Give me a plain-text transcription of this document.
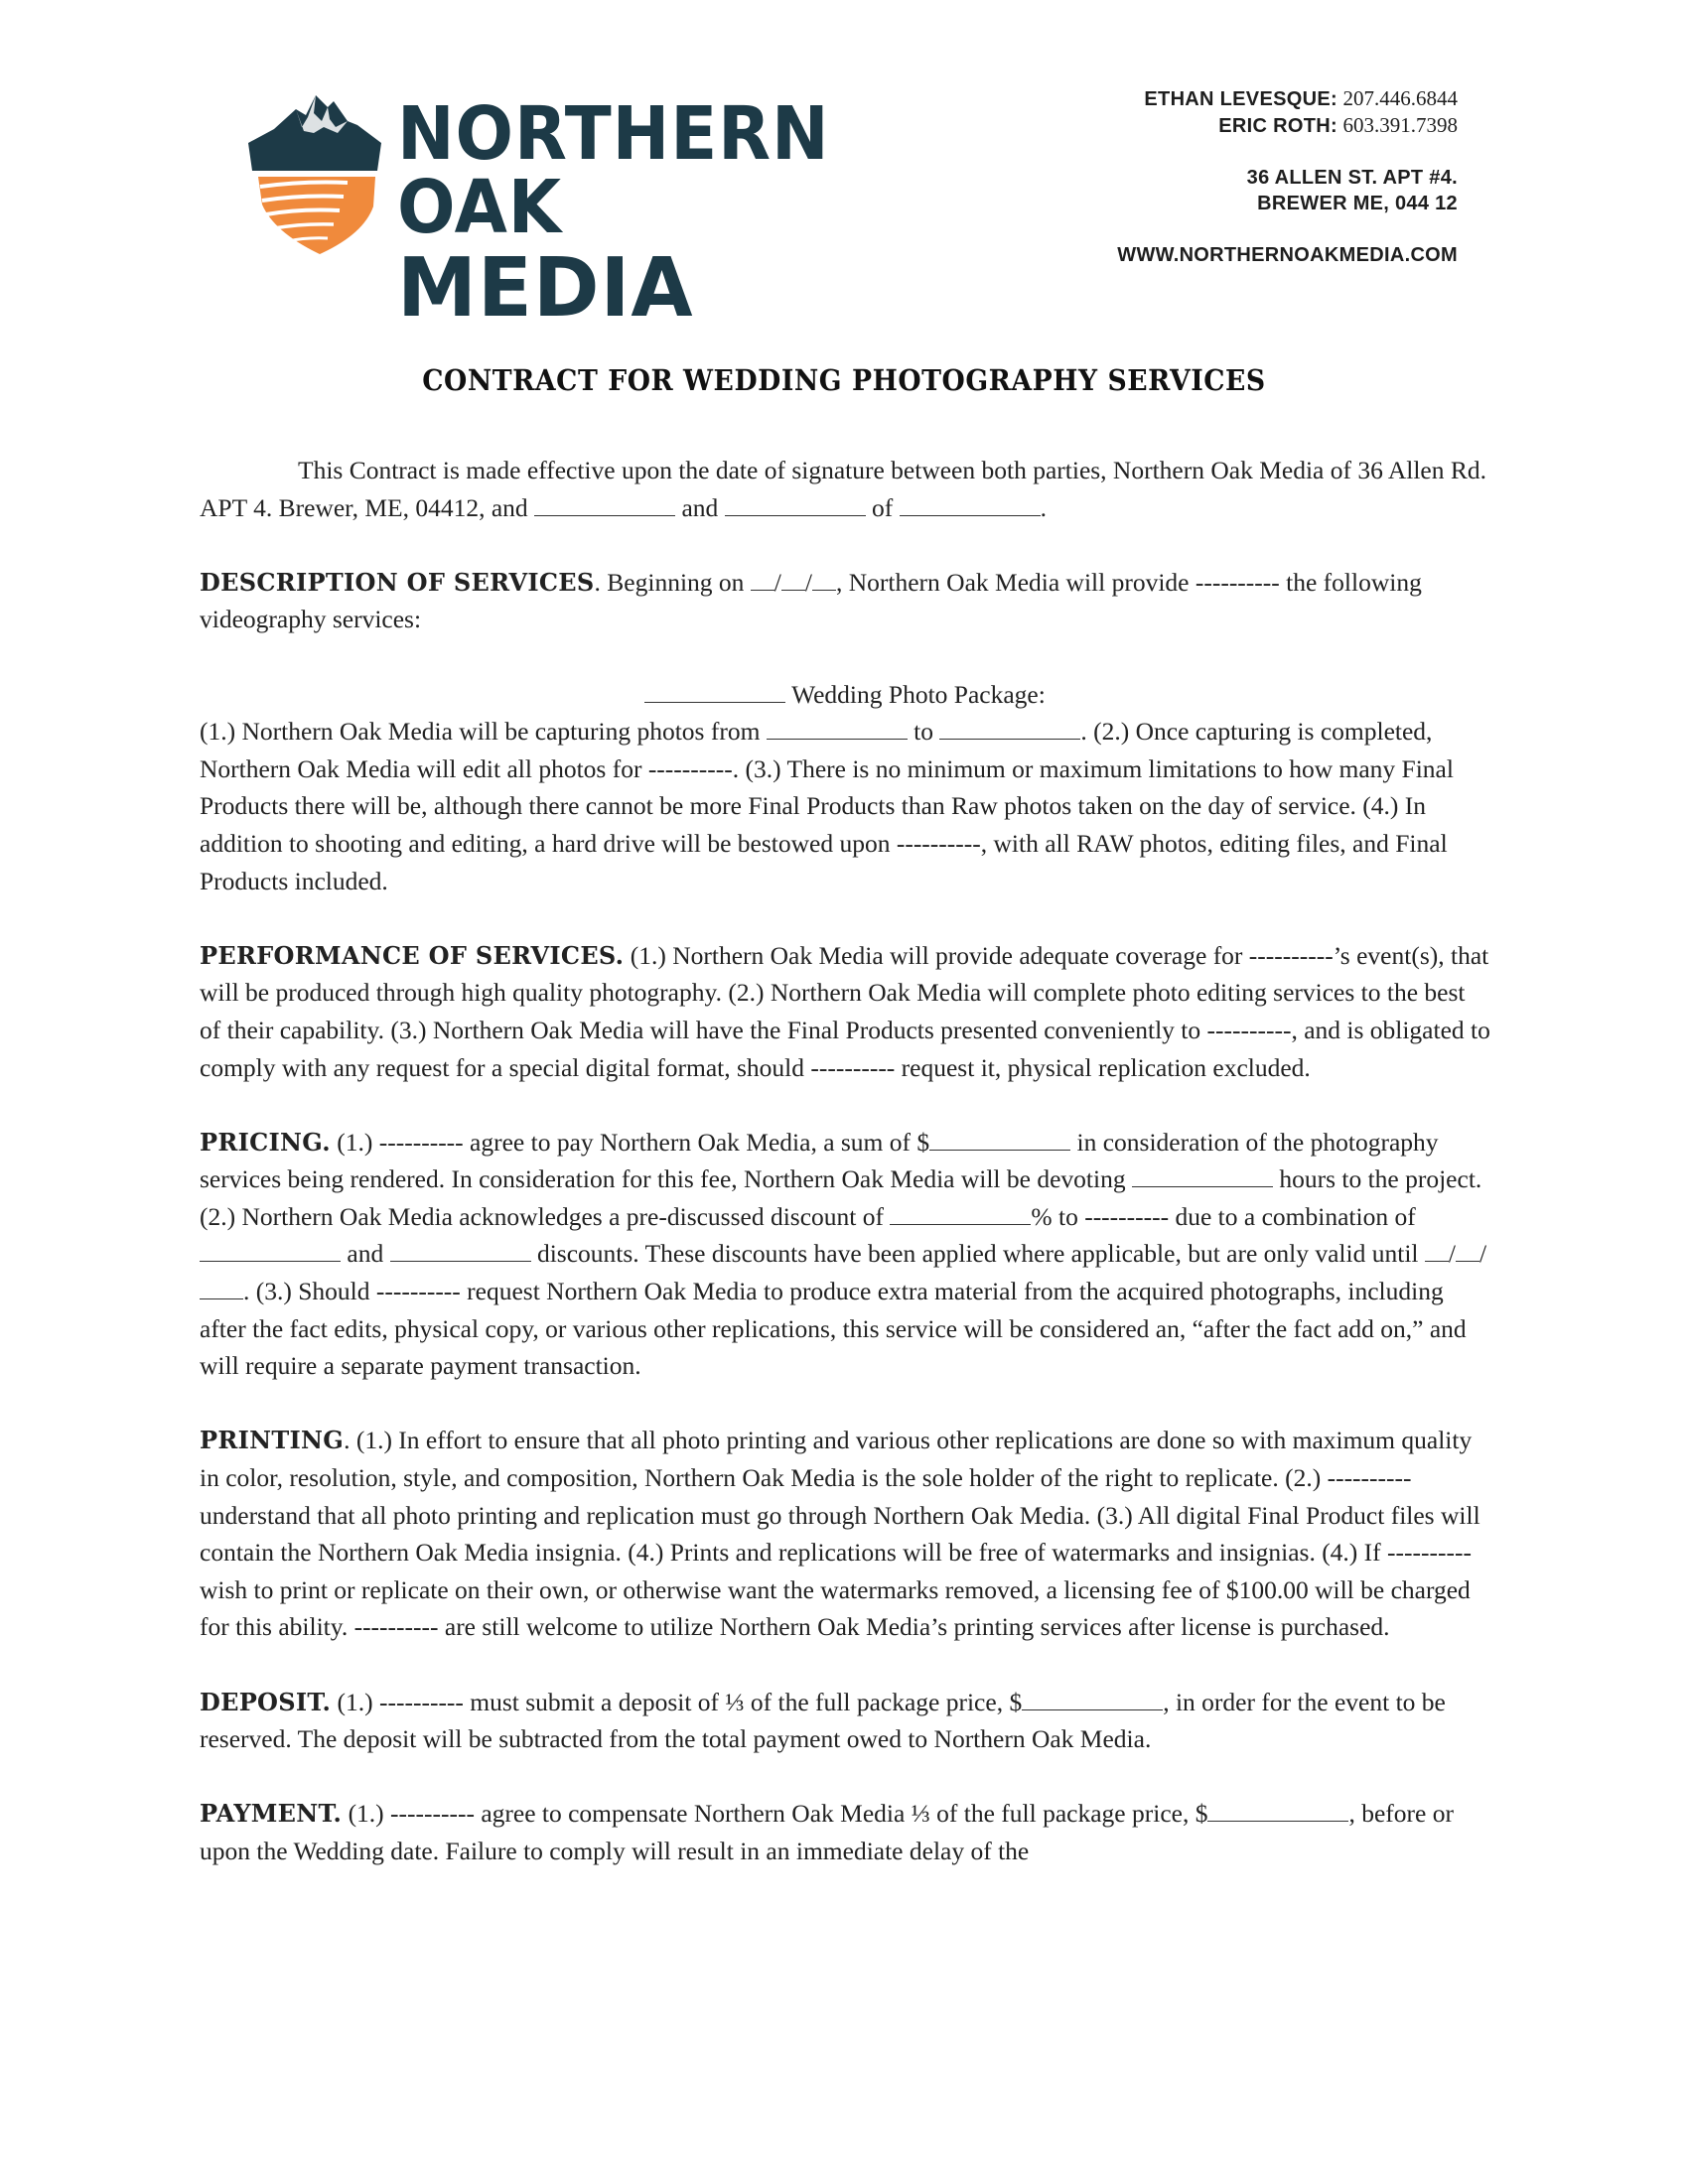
NORTHERN OAK
MEDIA
ETHAN LEVESQUE: 207.446.6844
ERIC ROTH: 603.391.7398
36 ALLEN ST. APT #4.
BREWER ME, 044 12
WWW.NORTHERNOAKMEDIA.COM
CONTRACT FOR WEDDING PHOTOGRAPHY SERVICES

This Contract is made effective upon the date of signature between both parties, Northern Oak Media of 36 Allen Rd. APT 4. Brewer, ME, 04412, and	and	of	.

DESCRIPTION OF SERVICES. Beginning on / / , Northern Oak Media will provide ---------- the following videography services:

Wedding Photo Package:

(1.) Northern Oak Media will be capturing photos from	to	. (2.) Once capturing is completed, Northern Oak Media will edit all photos for ----------. (3.) There is no minimum or maximum limitations to how many Final Products there will be, although there cannot be more Final Products than Raw photos taken on the day of service. (4.) In addition to shooting and editing, a hard drive will be bestowed upon ----------, with all RAW photos, editing files, and Final Products included.

PERFORMANCE OF SERVICES. (1.) Northern Oak Media will provide adequate coverage for ----------’s event(s), that will be produced through high quality photography. (2.) Northern Oak Media will complete photo editing services to the best of their capability. (3.) Northern Oak Media will have the Final Products presented conveniently to ----------, and is obligated to comply with any request for a special digital format, should ---------- request it, physical replication excluded.

PRICING. (1.) ---------- agree to pay Northern Oak Media, a sum of $	in consideration of the photography services being rendered. In consideration for this fee, Northern Oak Media will be devoting	hours to the project. (2.) Northern Oak Media acknowledges a pre-discussed discount of	% to ---------- due to a combination of  and	discounts. These discounts have been applied where applicable, but are only valid until / /. (3.) Should ---------- request Northern Oak Media to produce extra material from the acquired photographs, including after the fact edits, physical copy, or various other replications, this service will be considered an, “after the fact add on,” and will require a separate payment transaction.

PRINTING. (1.) In effort to ensure that all photo printing and various other replications are done so with maximum quality in color, resolution, style, and composition, Northern Oak Media is the sole holder of the right to replicate. (2.) ---------- understand that all photo printing and replication must go through Northern Oak Media. (3.) All digital Final Product files will contain the Northern Oak Media insignia. (4.) Prints and replications will be free of watermarks and insignias. (4.) If ---------- wish to print or replicate on their own, or otherwise want the watermarks removed, a licensing fee of $100.00 will be charged for this ability. ---------- are still welcome to utilize Northern Oak Media’s printing services after license is purchased.

DEPOSIT. (1.) ---------- must submit a deposit of ⅓ of the full package price, $	, in order for the event to be reserved. The deposit will be subtracted from the total payment owed to Northern Oak Media.

PAYMENT. (1.) ---------- agree to compensate Northern Oak Media ⅓ of the full package price, $	, before or upon the Wedding date. Failure to comply will result in an immediate delay of the
